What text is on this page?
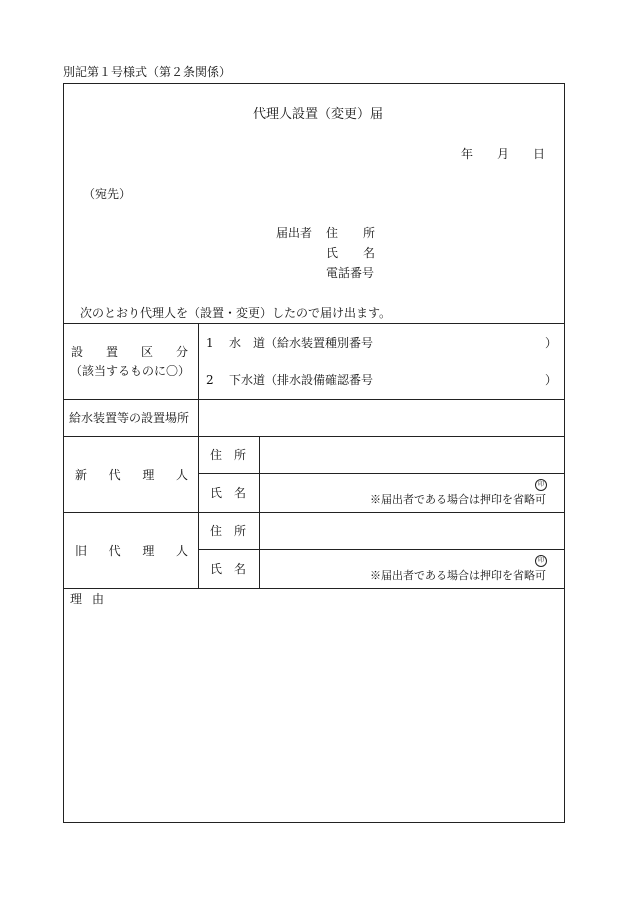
別記第１号様式（第２条関係）
代理人設置（変更）届
年 月 日
（宛先）
届出者 住 所
氏 名
電話番号
次のとおり代理人を（設置・変更）したので届け出ます。
設 置 区 分
（該当するものに〇）
1 水　道（給水装置種別番号	）
2 下水道（排水設備確認番号	）
給水装置等の設置場所
新 代 理 人
住 所
氏 名
印
※届出者である場合は押印を省略可
旧 代 理 人
住 所
氏 名
印
※届出者である場合は押印を省略可
理 由
